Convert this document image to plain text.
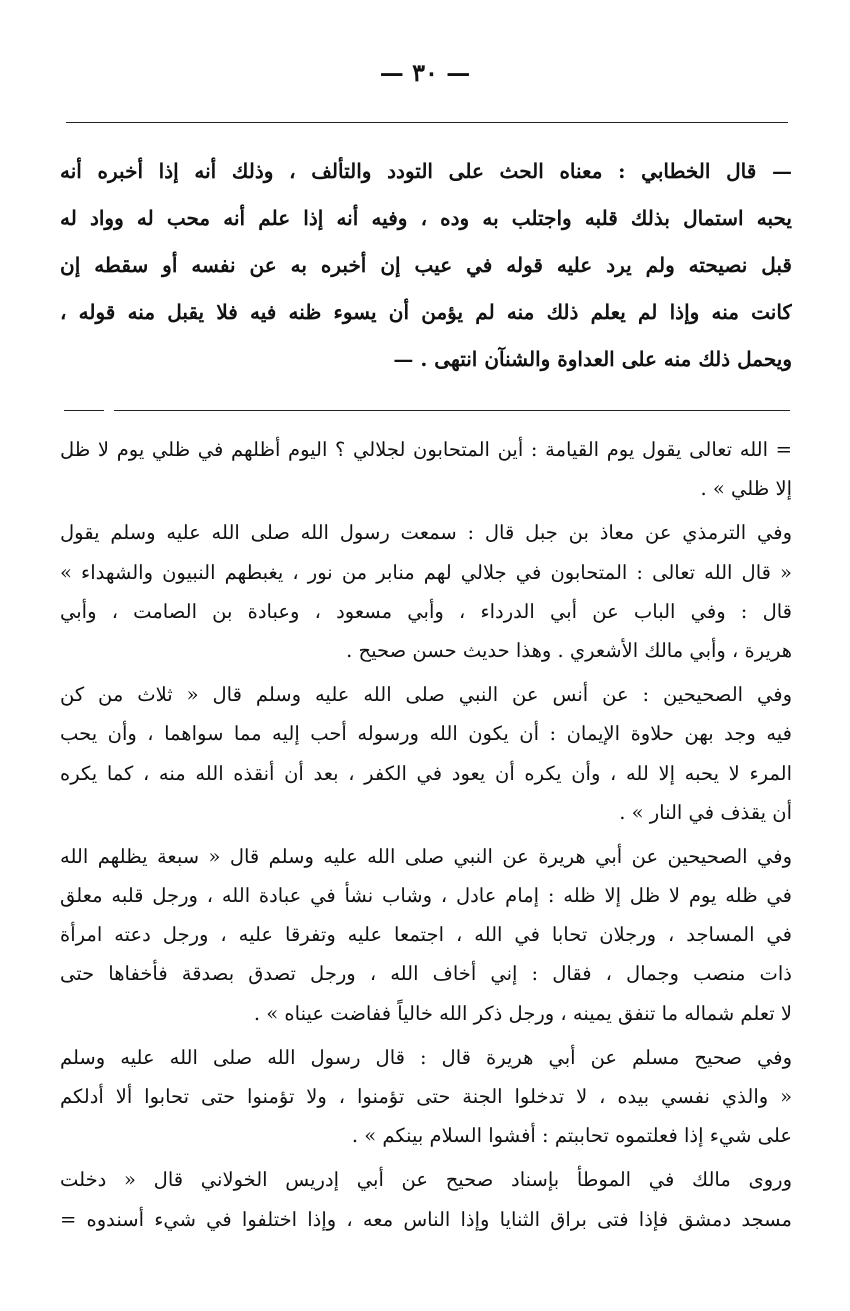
— ٣٠ —
— قال الخطابي : معناه الحث على التودد والتألف ، وذلك أنه إذا أخبره أنه
يحبه استمال بذلك قلبه واجتلب به وده ، وفيه أنه إذا علم أنه محب له وواد له
قبل نصيحته ولم يرد عليه قوله في عيب إن أخبره به عن نفسه أو سقطه إن
كانت منه وإذا لم يعلم ذلك منه لم يؤمن أن يسوء ظنه فيه فلا يقبل منه قوله ،
ويحمل ذلك منه على العداوة والشنآن انتهى . —
= الله تعالى يقول يوم القيامة : أين المتحابون لجلالي ؟ اليوم أظلهم في ظلي يوم لا ظل
إلا ظلي » .
وفي الترمذي عن معاذ بن جبل قال : سمعت رسول الله صلى الله عليه وسلم يقول
« قال الله تعالى : المتحابون في جلالي لهم منابر من نور ، يغبطهم النبيون والشهداء »
قال : وفي الباب عن أبي الدرداء ، وأبي مسعود ، وعبادة بن الصامت ، وأبي
هريرة ، وأبي مالك الأشعري . وهذا حديث حسن صحيح .
وفي الصحيحين : عن أنس عن النبي صلى الله عليه وسلم قال « ثلاث من كن
فيه وجد بهن حلاوة الإيمان : أن يكون الله ورسوله أحب إليه مما سواهما ، وأن يحب
المرء لا يحبه إلا لله ، وأن يكره أن يعود في الكفر ، بعد أن أنقذه الله منه ، كما يكره
أن يقذف في النار » .
وفي الصحيحين عن أبي هريرة عن النبي صلى الله عليه وسلم قال « سبعة يظلهم الله
في ظله يوم لا ظل إلا ظله : إمام عادل ، وشاب نشأ في عبادة الله ، ورجل قلبه معلق
في المساجد ، ورجلان تحابا في الله ، اجتمعا عليه وتفرقا عليه ، ورجل دعته امرأة
ذات منصب وجمال ، فقال : إني أخاف الله ، ورجل تصدق بصدقة فأخفاها حتى
لا تعلم شماله ما تنفق يمينه ، ورجل ذكر الله خالياً ففاضت عيناه » .
وفي صحيح مسلم عن أبي هريرة قال : قال رسول الله صلى الله عليه وسلم
« والذي نفسي بيده ، لا تدخلوا الجنة حتى تؤمنوا ، ولا تؤمنوا حتى تحابوا ألا أدلكم
على شيء إذا فعلتموه تحاببتم : أفشوا السلام بينكم » .
وروى مالك في الموطأ بإسناد صحيح عن أبي إدريس الخولاني قال « دخلت
مسجد دمشق فإذا فتى براق الثنايا وإذا الناس معه ، وإذا اختلفوا في شيء أسندوه =
